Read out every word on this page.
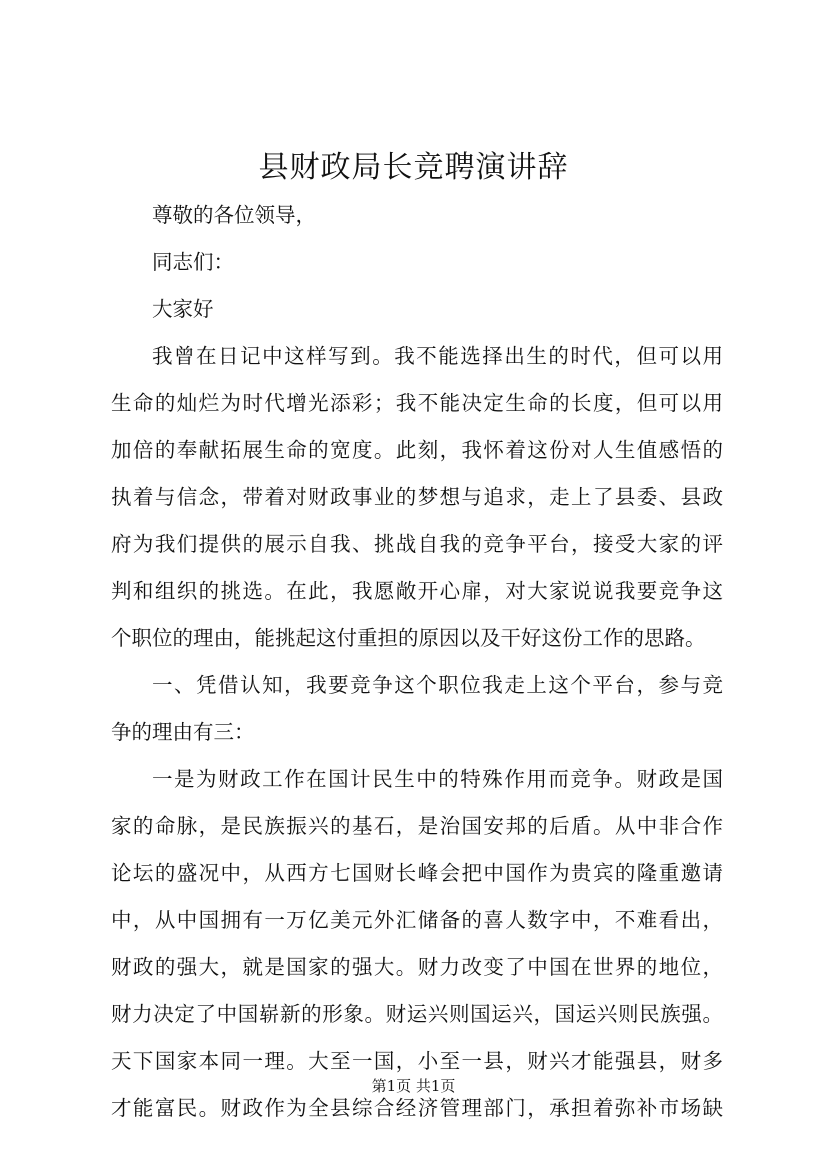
县财政局长竞聘演讲辞
尊敬的各位领导，
同志们：
大家好
我曾在日记中这样写到。我不能选择出生的时代，但可以用
生命的灿烂为时代增光添彩；我不能决定生命的长度，但可以用
加倍的奉献拓展生命的宽度。此刻，我怀着这份对人生值感悟的
执着与信念，带着对财政事业的梦想与追求，走上了县委、县政
府为我们提供的展示自我、挑战自我的竞争平台，接受大家的评
判和组织的挑选。在此，我愿敞开心扉，对大家说说我要竞争这
个职位的理由，能挑起这付重担的原因以及干好这份工作的思路。
一、凭借认知，我要竞争这个职位我走上这个平台，参与竞
争的理由有三：
一是为财政工作在国计民生中的特殊作用而竞争。财政是国
家的命脉，是民族振兴的基石，是治国安邦的后盾。从中非合作
论坛的盛况中，从西方七国财长峰会把中国作为贵宾的隆重邀请
中，从中国拥有一万亿美元外汇储备的喜人数字中，不难看出，
财政的强大，就是国家的强大。财力改变了中国在世界的地位，
财力决定了中国崭新的形象。财运兴则国运兴，国运兴则民族强。
天下国家本同一理。大至一国，小至一县，财兴才能强县，财多
才能富民。财政作为全县综合经济管理部门，承担着弥补市场缺
第1页 共1页
